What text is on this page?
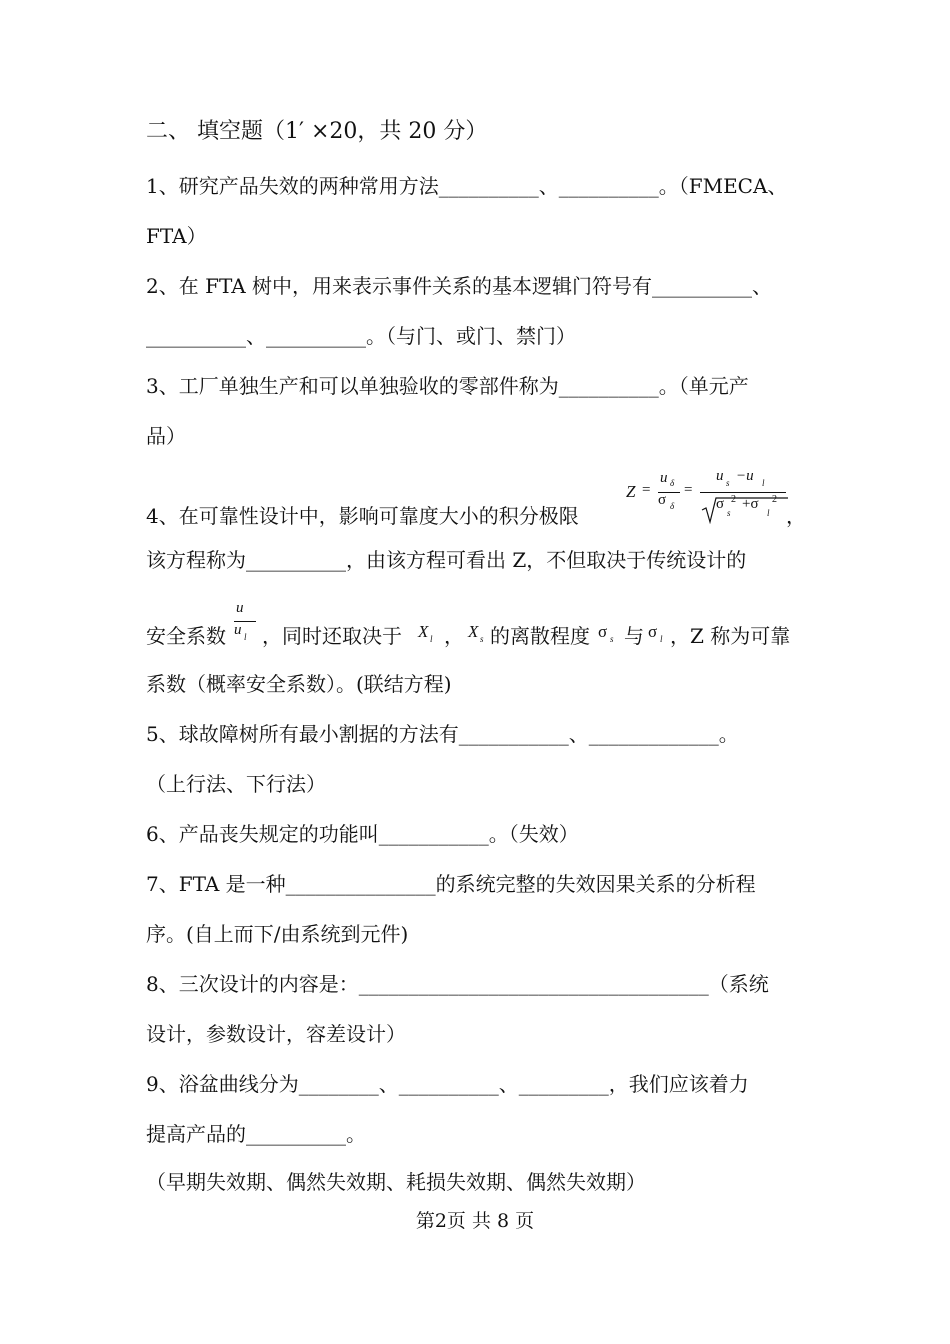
二、 填空题（1′ ×20，共 20 分）
1、研究产品失效的两种常用方法__________、__________。（FMECA、
FTA）
2、在 FTA 树中，用来表示事件关系的基本逻辑门符号有__________、
__________、__________。（与门、或门、禁门）
3、工厂单独生产和可以单独验收的零部件称为__________。（单元产
品）
4、在可靠性设计中，影响可靠度大小的积分极限
Z =
u δ
σ δ
=
u s −u l
σ
s
2 +σ
l
2
，
该方程称为__________，由该方程可看出 Z，不但取决于传统设计的
安全系数
u
u l ，同时还取决于 X l ， X s 的离散程度 σ s 与 σ l ，Z 称为可靠
系数（概率安全系数）。(联结方程)
5、球故障树所有最小割据的方法有___________、_____________。
（上行法、下行法）
6、产品丧失规定的功能叫___________。（失效）
7、FTA 是一种_______________的系统完整的失效因果关系的分析程
序。(自上而下/由系统到元件)
8、三次设计的内容是：___________________________________（系统
设计，参数设计，容差设计）
9、浴盆曲线分为________、__________、_________，我们应该着力
提高产品的__________。
（早期失效期、偶然失效期、耗损失效期、偶然失效期）
第2页 共 8 页
